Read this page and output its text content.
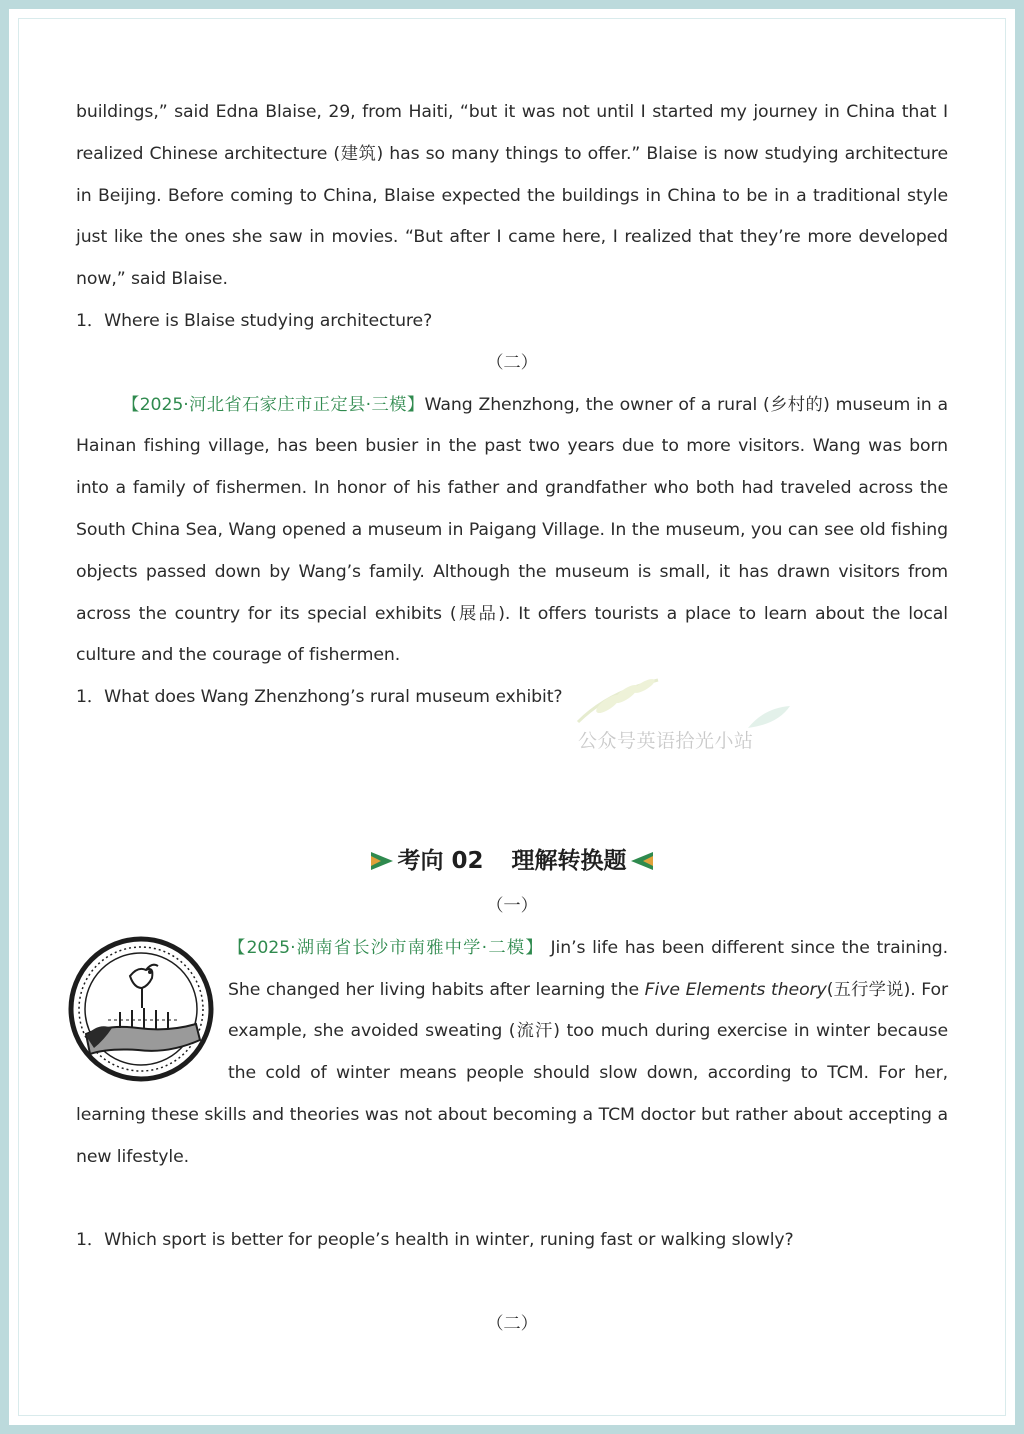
buildings,” said Edna Blaise, 29, from Haiti, “but it was not until I started my journey in China that I realized Chinese architecture (建筑) has so many things to offer.” Blaise is now studying architecture in Beijing. Before coming to China, Blaise expected the buildings in China to be in a traditional style just like the ones she saw in movies. “But after I came here, I realized that they’re more developed now,” said Blaise.

1．Where is Blaise studying architecture?

（二）

【2025·河北省石家庄市正定县·三模】Wang Zhenzhong, the owner of a rural (乡村的) museum in a Hainan fishing village, has been busier in the past two years due to more visitors. Wang was born into a family of fishermen. In honor of his father and grandfather who both had traveled across the South China Sea, Wang opened a museum in Paigang Village. In the museum, you can see old fishing objects passed down by Wang’s family. Although the museum is small, it has drawn visitors from across the country for its special exhibits (展品). It offers tourists a place to learn about the local culture and the courage of fishermen.

1．What does Wang Zhenzhong’s rural museum exhibit?

考向 02 理解转换题

（一）

【2025·湖南省长沙市南雅中学·二模】 Jin’s life has been different since the training. She changed her living habits after learning the Five Elements theory(五行学说). For example, she avoided sweating (流汗) too much during exercise in winter because the cold of winter means people should slow down, according to TCM. For her, learning these skills and theories was not about becoming a TCM doctor but rather about accepting a new lifestyle.

1．Which sport is better for people’s health in winter, runing fast or walking slowly?

（二）

公众号英语拾光小站
